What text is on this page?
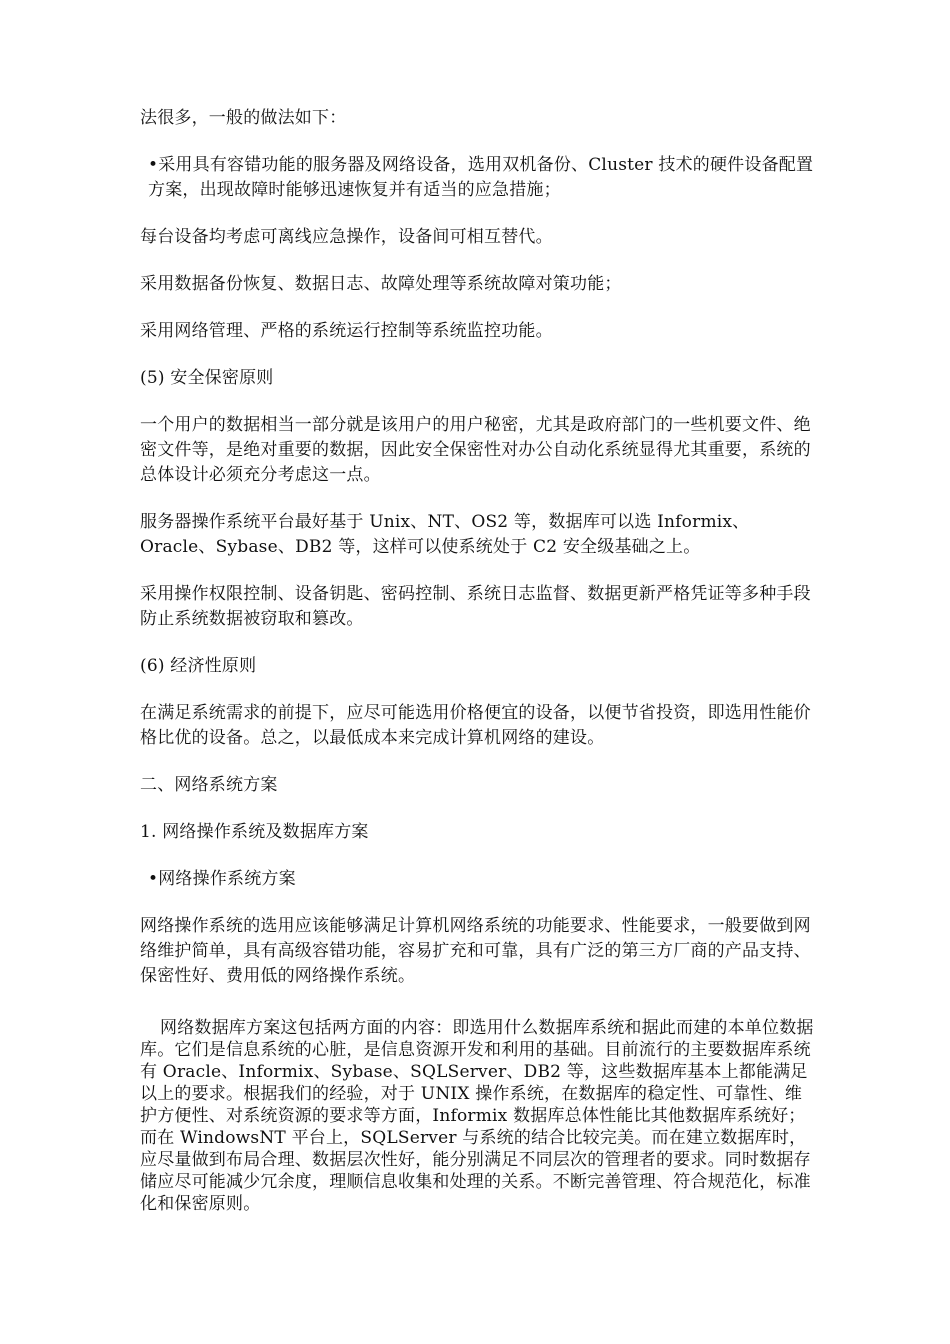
法很多，一般的做法如下：

•采用具有容错功能的服务器及网络设备，选用双机备份、Cluster 技术的硬件设备配置方案，出现故障时能够迅速恢复并有适当的应急措施；

每台设备均考虑可离线应急操作，设备间可相互替代。

采用数据备份恢复、数据日志、故障处理等系统故障对策功能；

采用网络管理、严格的系统运行控制等系统监控功能。

(5) 安全保密原则

一个用户的数据相当一部分就是该用户的用户秘密，尤其是政府部门的一些机要文件、绝密文件等，是绝对重要的数据，因此安全保密性对办公自动化系统显得尤其重要，系统的总体设计必须充分考虑这一点。

服务器操作系统平台最好基于 Unix、NT、OS2 等，数据库可以选 Informix、Oracle、Sybase、DB2 等，这样可以使系统处于 C2 安全级基础之上。

采用操作权限控制、设备钥匙、密码控制、系统日志监督、数据更新严格凭证等多种手段防止系统数据被窃取和篡改。

(6) 经济性原则

在满足系统需求的前提下，应尽可能选用价格便宜的设备，以便节省投资，即选用性能价格比优的设备。总之，以最低成本来完成计算机网络的建设。

二、网络系统方案

1. 网络操作系统及数据库方案

•网络操作系统方案

网络操作系统的选用应该能够满足计算机网络系统的功能要求、性能要求，一般要做到网络维护简单，具有高级容错功能，容易扩充和可靠，具有广泛的第三方厂商的产品支持、保密性好、费用低的网络操作系统。

网络数据库方案这包括两方面的内容：即选用什么数据库系统和据此而建的本单位数据库。它们是信息系统的心脏，是信息资源开发和利用的基础。目前流行的主要数据库系统有 Oracle、Informix、Sybase、SQLServer、DB2 等，这些数据库基本上都能满足以上的要求。根据我们的经验，对于 UNIX 操作系统，在数据库的稳定性、可靠性、维护方便性、对系统资源的要求等方面，Informix 数据库总体性能比其他数据库系统好；而在 WindowsNT 平台上，SQLServer 与系统的结合比较完美。而在建立数据库时，应尽量做到布局合理、数据层次性好，能分别满足不同层次的管理者的要求。同时数据存储应尽可能减少冗余度，理顺信息收集和处理的关系。不断完善管理、符合规范化，标准化和保密原则。
